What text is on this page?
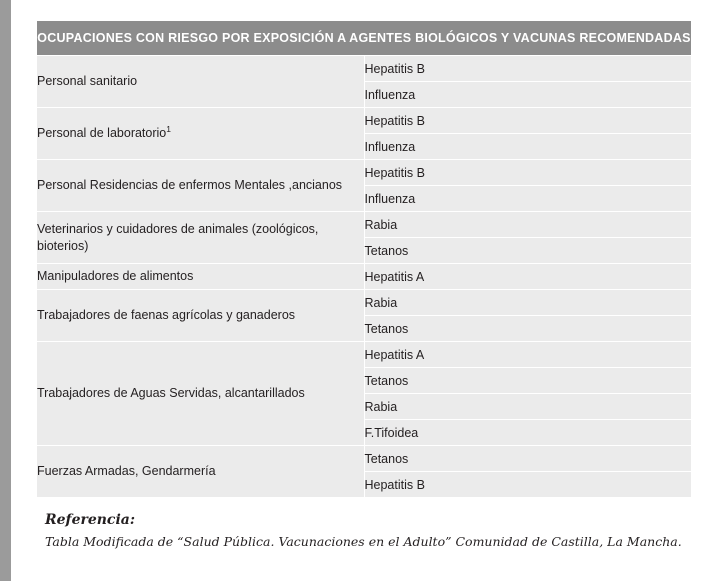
OCUPACIONES CON RIESGO POR EXPOSICIÓN A AGENTES BIOLÓGICOS Y VACUNAS RECOMENDADAS	
Personal sanitario	Hepatitis B
	Influenza
Personal de laboratorio$^1$	Hepatitis B
	Influenza
Personal Residencias de enfermos Mentales ,ancianos	Hepatitis B
	Influenza
Veterinarios y cuidadores de animales (zoológicos, bioterios)	Rabia
	Tetanos
Manipuladores de alimentos	Hepatitis A
Trabajadores de faenas agrícolas y ganaderos	Rabia
	Tetanos
Trabajadores de Aguas Servidas, alcantarillados	Hepatitis A
	Tetanos
	Rabia
	F.Tifoidea
Fuerzas Armadas, Gendarmería	Tetanos
	Hepatitis B
Referencia:
Tabla Modificada de “Salud Pública. Vacunaciones en el Adulto” Comunidad de Castilla, La Mancha.
